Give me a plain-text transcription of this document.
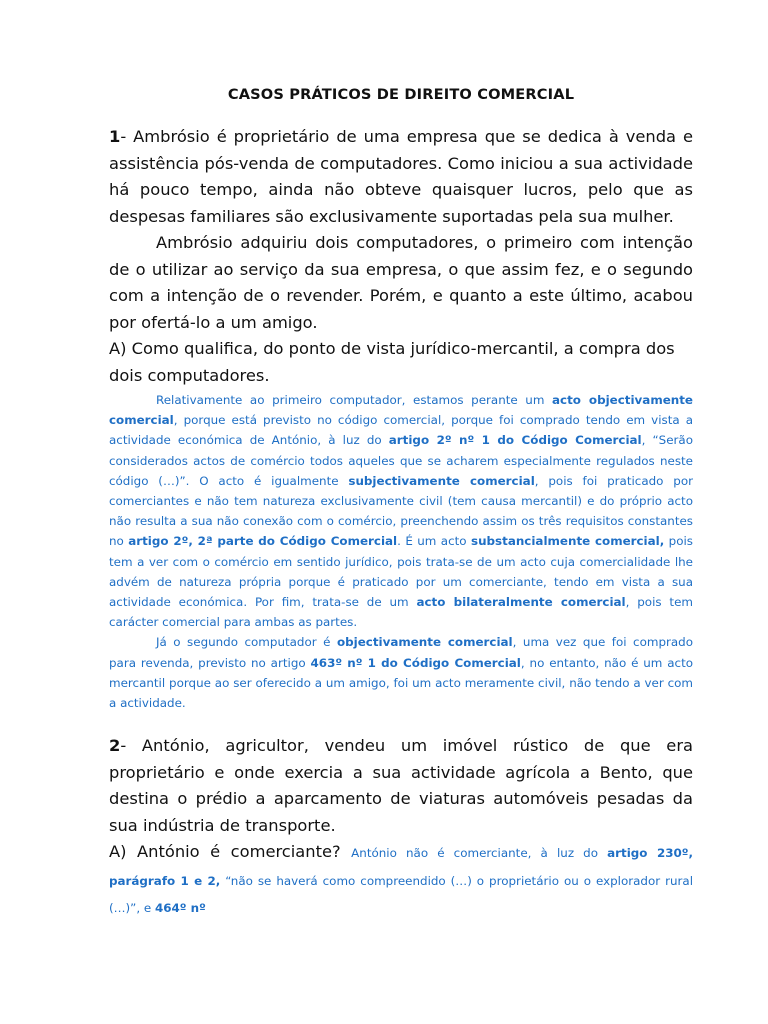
CASOS PRÁTICOS DE DIREITO COMERCIAL

1- Ambrósio é proprietário de uma empresa que se dedica à venda e assistência pós-venda de computadores. Como iniciou a sua actividade há pouco tempo, ainda não obteve quaisquer lucros, pelo que as despesas familiares são exclusivamente suportadas pela sua mulher.

Ambrósio adquiriu dois computadores, o primeiro com intenção de o utilizar ao serviço da sua empresa, o que assim fez, e o segundo com a intenção de o revender. Porém, e quanto a este último, acabou por ofertá-lo a um amigo.

A) Como qualifica, do ponto de vista jurídico-mercantil, a compra dos dois computadores.

Relativamente ao primeiro computador, estamos perante um acto objectivamente comercial, porque está previsto no código comercial, porque foi comprado tendo em vista a actividade económica de António, à luz do artigo 2º nº 1 do Código Comercial, “Serão considerados actos de comércio todos aqueles que se acharem especialmente regulados neste código (…)”. O acto é igualmente subjectivamente comercial, pois foi praticado por comerciantes e não tem natureza exclusivamente civil (tem causa mercantil) e do próprio acto não resulta a sua não conexão com o comércio, preenchendo assim os três requisitos constantes no artigo 2º, 2ª parte do Código Comercial. É um acto substancialmente comercial, pois tem a ver com o comércio em sentido jurídico, pois trata-se de um acto cuja comercialidade lhe advém de natureza própria porque é praticado por um comerciante, tendo em vista a sua actividade económica. Por fim, trata-se de um acto bilateralmente comercial, pois tem carácter comercial para ambas as partes.

Já o segundo computador é objectivamente comercial, uma vez que foi comprado para revenda, previsto no artigo 463º nº 1 do Código Comercial, no entanto, não é um acto mercantil porque ao ser oferecido a um amigo, foi um acto meramente civil, não tendo a ver com a actividade.

2- António, agricultor, vendeu um imóvel rústico de que era proprietário e onde exercia a sua actividade agrícola a Bento, que destina o prédio a aparcamento de viaturas automóveis pesadas da sua indústria de transporte.

A) António é comerciante? António não é comerciante, à luz do artigo 230º, parágrafo 1 e 2, “não se haverá como compreendido (…) o proprietário ou o explorador rural (…)”, e 464º nº
